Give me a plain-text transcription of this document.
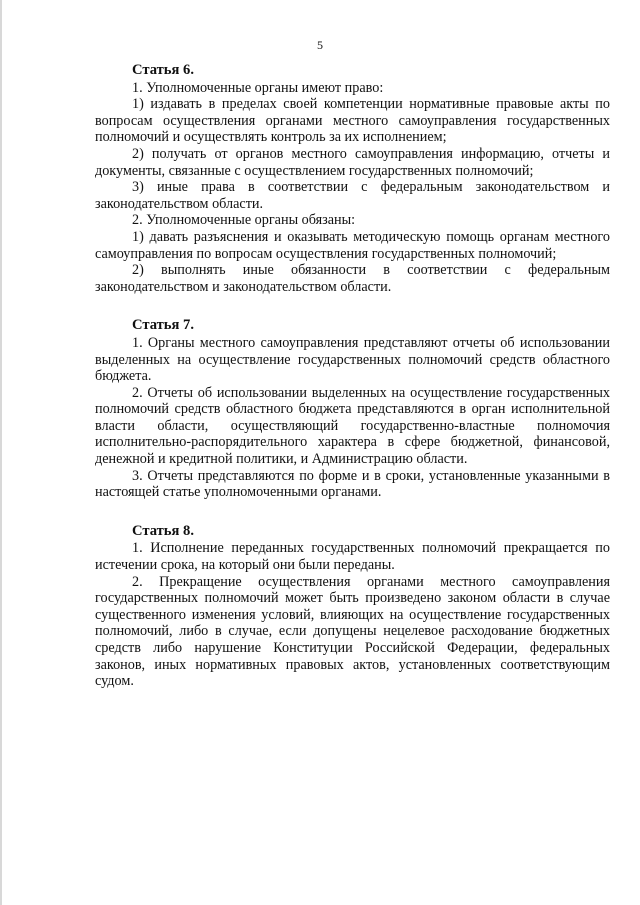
5

Статья 6.

1. Уполномоченные органы имеют право:

1) издавать в пределах своей компетенции нормативные правовые акты по вопросам осуществления органами местного самоуправления государственных полномочий и осуществлять контроль за их исполнением;

2) получать от органов местного самоуправления информацию, отчеты и документы, связанные с осуществлением государственных полномочий;

3) иные права в соответствии с федеральным законодательством и законодательством области.

2. Уполномоченные органы обязаны:

1) давать разъяснения и оказывать методическую помощь органам местного самоуправления по вопросам осуществления государственных полномочий;

2) выполнять иные обязанности в соответствии с федеральным законодательством и законодательством области.

Статья 7.

1. Органы местного самоуправления представляют отчеты об использовании выделенных на осуществление государственных полномочий средств областного бюджета.

2. Отчеты об использовании выделенных на осуществление государственных полномочий средств областного бюджета представляются в орган исполнительной власти области, осуществляющий государственно-властные полномочия исполнительно-распорядительного характера в сфере бюджетной, финансовой, денежной и кредитной политики, и Администрацию области.

3. Отчеты представляются по форме и в сроки, установленные указанными в настоящей статье уполномоченными органами.

Статья 8.

1. Исполнение переданных государственных полномочий прекращается по истечении срока, на который они были переданы.

2. Прекращение осуществления органами местного самоуправления государственных полномочий может быть произведено законом области в случае существенного изменения условий, влияющих на осуществление государственных полномочий, либо в случае, если допущены нецелевое расходование бюджетных средств либо нарушение Конституции Российской Федерации, федеральных законов, иных нормативных правовых актов, установленных соответствующим судом.
